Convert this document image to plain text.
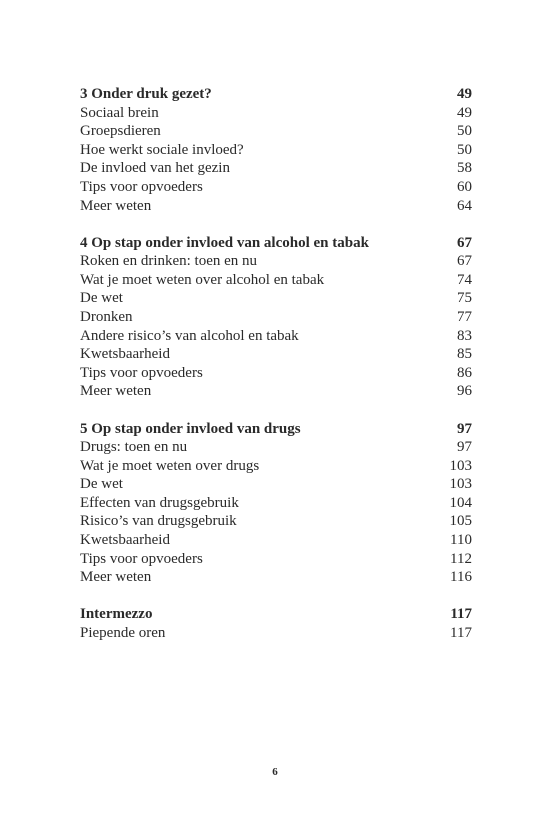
3 Onder druk gezet?	49
Sociaal brein	49
Groepsdieren	50
Hoe werkt sociale invloed?	50
De invloed van het gezin	58
Tips voor opvoeders	60
Meer weten	64
4 Op stap onder invloed van alcohol en tabak	67
Roken en drinken: toen en nu	67
Wat je moet weten over alcohol en tabak	74
De wet	75
Dronken	77
Andere risico’s van alcohol en tabak	83
Kwetsbaarheid	85
Tips voor opvoeders	86
Meer weten	96
5 Op stap onder invloed van drugs	97
Drugs: toen en nu	97
Wat je moet weten over drugs	103
De wet	103
Effecten van drugsgebruik	104
Risico’s van drugsgebruik	105
Kwetsbaarheid	110
Tips voor opvoeders	112
Meer weten	116
Intermezzo	117
Piepende oren	117
6
